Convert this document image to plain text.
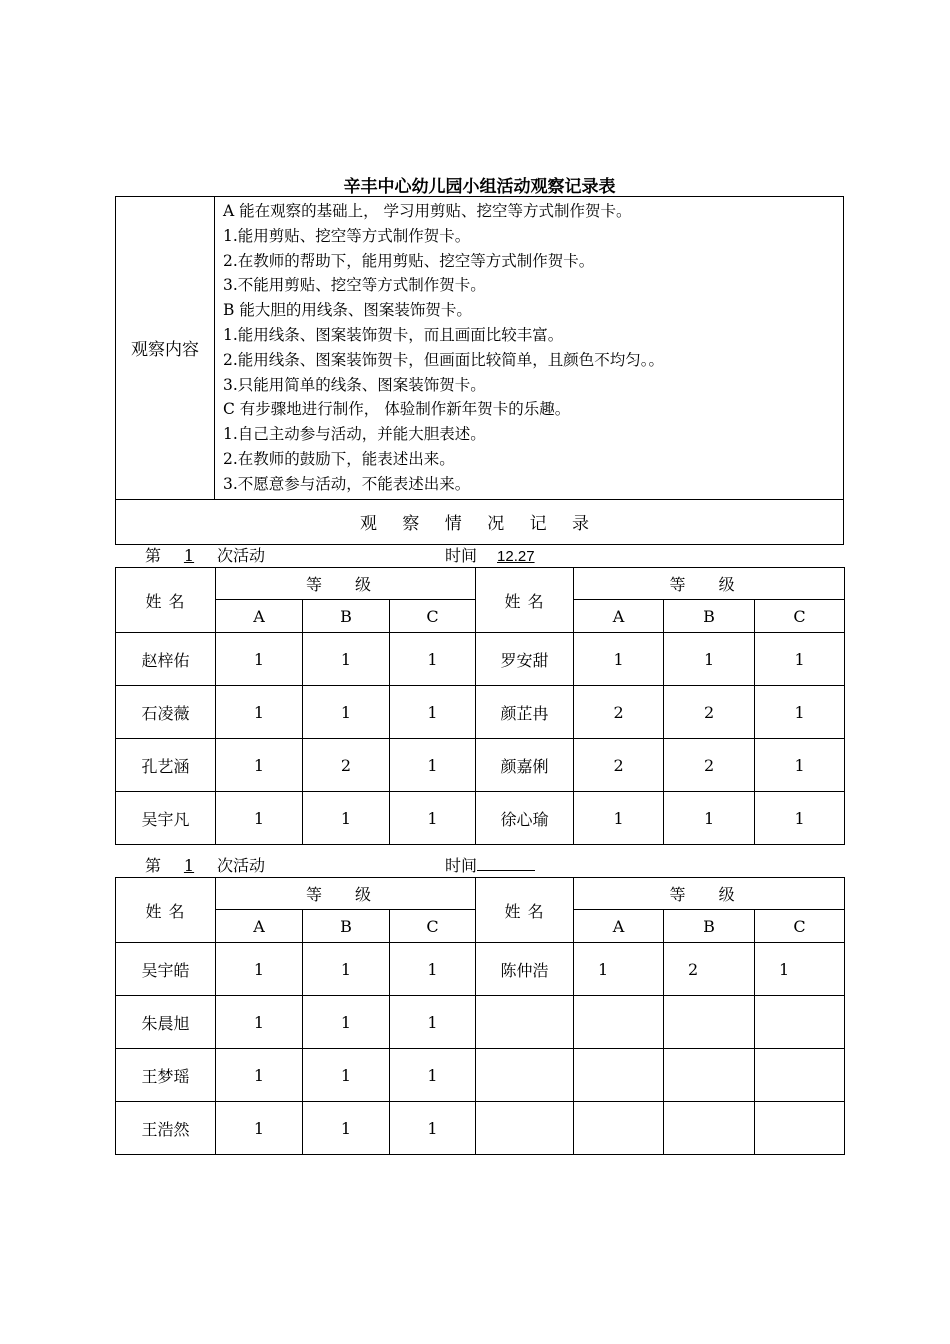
辛丰中心幼儿园小组活动观察记录表
观察内容	
A 能在观察的基础上， 学习用剪贴、挖空等方式制作贺卡。
1.能用剪贴、挖空等方式制作贺卡。
2.在教师的帮助下，能用剪贴、挖空等方式制作贺卡。
3.不能用剪贴、挖空等方式制作贺卡。
B 能大胆的用线条、图案装饰贺卡。
1.能用线条、图案装饰贺卡，而且画面比较丰富。
2.能用线条、图案装饰贺卡，但画面比较简单，且颜色不均匀。。
3.只能用简单的线条、图案装饰贺卡。
C 有步骤地进行制作， 体验制作新年贺卡的乐趣。
1.自己主动参与活动，并能大胆表述。
2.在教师的鼓励下，能表述出来。
3.不愿意参与活动，不能表述出来。

观 察 情 况 记 录
第 1 次活动	时间 12.27
姓 名	等 级			姓 名	等 级		
	A	B	C		A	B	C
赵梓佑	1	1	1	罗安甜	1	1	1
石凌薇	1	1	1	颜芷冉	2	2	1
孔艺涵	1	2	1	颜嘉俐	2	2	1
吴宇凡	1	1	1	徐心瑜	1	1	1
第 1 次活动	时间
姓 名	等 级			姓 名	等 级		
	A	B	C		A	B	C
吴宇皓	1	1	1	陈仲浩	1	2	1
朱晨旭	1	1	1				
王梦瑶	1	1	1				
王浩然	1	1	1				
